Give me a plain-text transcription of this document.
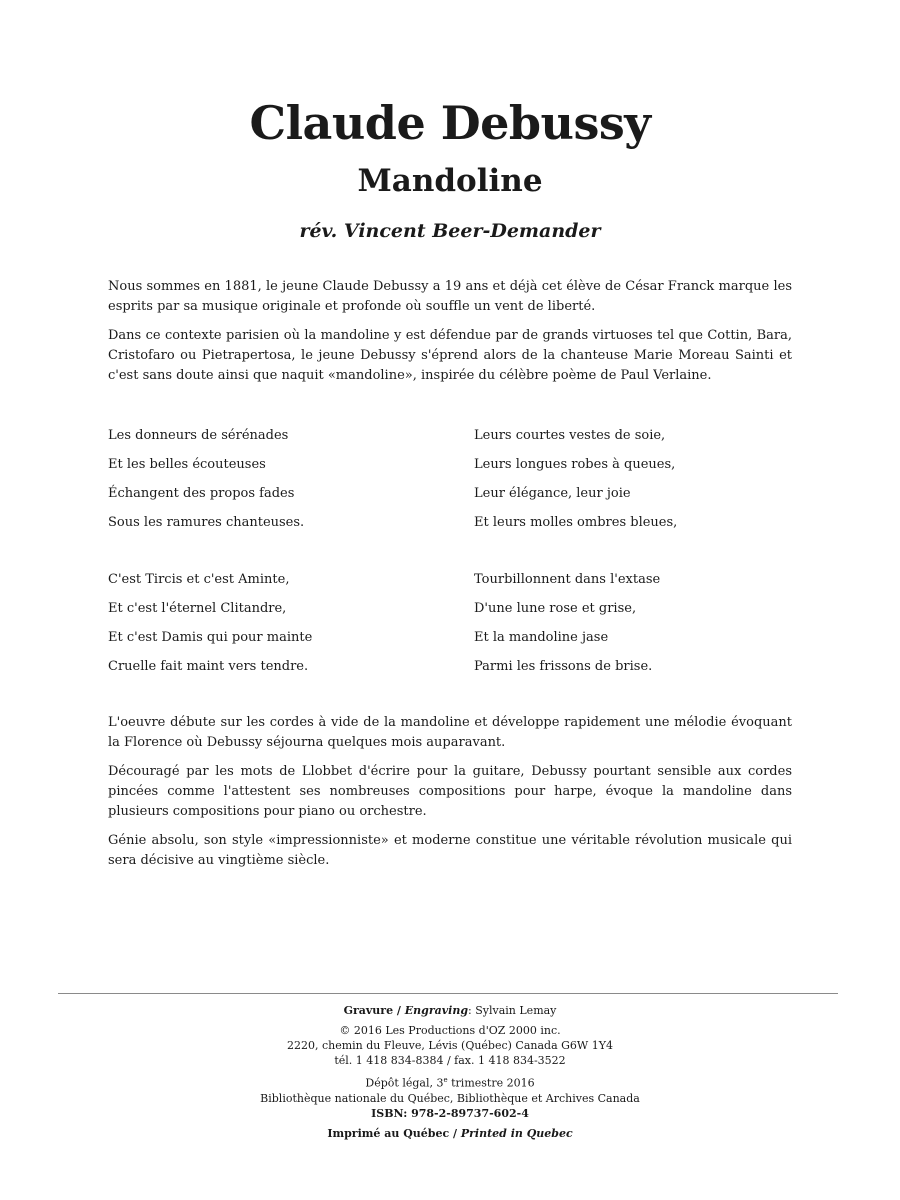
Claude Debussy
Mandoline
rév. Vincent Beer-Demander

Nous sommes en 1881, le jeune Claude Debussy a 19 ans et déjà cet élève de César Franck marque les esprits par sa musique originale et profonde où souffle un vent de liberté.

Dans ce contexte parisien où la mandoline y est défendue par de grands virtuoses tel que Cottin, Bara, Cristofaro ou Pietrapertosa, le jeune Debussy s'éprend alors de la chanteuse Marie Moreau Sainti et c'est sans doute ainsi que naquit «mandoline», inspirée du célèbre poème de Paul Verlaine.

Les donneurs de sérénades
Et les belles écouteuses
Échangent des propos fades
Sous les ramures chanteuses.
C'est Tircis et c'est Aminte,
Et c'est l'éternel Clitandre,
Et c'est Damis qui pour mainte
Cruelle fait maint vers tendre.
Leurs courtes vestes de soie,
Leurs longues robes à queues,
Leur élégance, leur joie
Et leurs molles ombres bleues,
Tourbillonnent dans l'extase
D'une lune rose et grise,
Et la mandoline jase
Parmi les frissons de brise.

L'oeuvre débute sur les cordes à vide de la mandoline et développe rapidement une mélodie évoquant la Florence où Debussy séjourna quelques mois auparavant.

Découragé par les mots de Llobbet d'écrire pour la guitare, Debussy pourtant sensible aux cordes pincées comme l'attestent ses nombreuses compositions pour harpe, évoque la mandoline dans plusieurs compositions pour piano ou orchestre.

Génie absolu, son style «impressionniste» et moderne constitue une véritable révolution musicale qui sera décisive au vingtième siècle.

Gravure / Engraving: Sylvain Lemay
© 2016 Les Productions d'OZ 2000 inc.
2220, chemin du Fleuve, Lévis (Québec) Canada G6W 1Y4
tél. 1 418 834-8384 / fax. 1 418 834-3522
Dépôt légal, 3e trimestre 2016
Bibliothèque nationale du Québec, Bibliothèque et Archives Canada
ISBN: 978-2-89737-602-4
Imprimé au Québec / Printed in Quebec
